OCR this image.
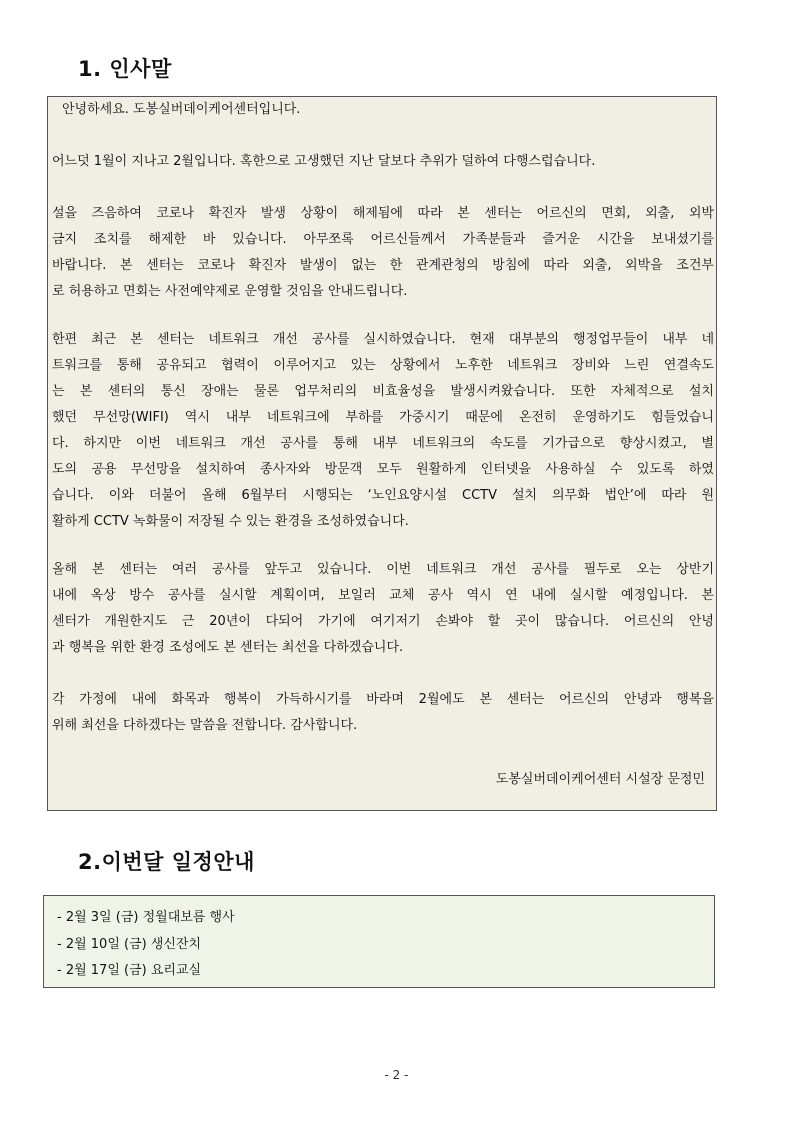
1. 인사말
안녕하세요. 도봉실버데이케어센터입니다.
어느덧 1월이 지나고 2월입니다. 혹한으로 고생했던 지난 달보다 추위가 덜하여 다행스럽습니다.
설을 즈음하여 코로나 확진자 발생 상황이 해제됨에 따라 본 센터는 어르신의 면회, 외출, 외박
금지 조치를 해제한 바 있습니다. 아무쪼록 어르신들께서 가족분들과 즐거운 시간을 보내셨기를
바랍니다. 본 센터는 코로나 확진자 발생이 없는 한 관계관청의 방침에 따라 외출, 외박을 조건부
로 허용하고 면회는 사전예약제로 운영할 것임을 안내드립니다.
한편 최근 본 센터는 네트워크 개선 공사를 실시하였습니다. 현재 대부분의 행정업무들이 내부 네
트워크를 통해 공유되고 협력이 이루어지고 있는 상황에서 노후한 네트워크 장비와 느린 연결속도
는 본 센터의 통신 장애는 물론 업무처리의 비효율성을 발생시켜왔습니다. 또한 자체적으로 설치
했던 무선망(WIFI) 역시 내부 네트워크에 부하를 가중시기 때문에 온전히 운영하기도 힘들었습니
다. 하지만 이번 네트워크 개선 공사를 통해 내부 네트워크의 속도를 기가급으로 향상시켰고, 별
도의 공용 무선망을 설치하여 종사자와 방문객 모두 원활하게 인터넷을 사용하실 수 있도록 하였
습니다. 이와 더불어 올해 6월부터 시행되는 ‘노인요양시설 CCTV 설치 의무화 법안’에 따라 원
활하게 CCTV 녹화물이 저장될 수 있는 환경을 조성하였습니다.
올해 본 센터는 여러 공사를 앞두고 있습니다. 이번 네트워크 개선 공사를 필두로 오는 상반기
내에 옥상 방수 공사를 실시할 계획이며, 보일러 교체 공사 역시 연 내에 실시할 예정입니다. 본
센터가 개원한지도 근 20년이 다되어 가기에 여기저기 손봐야 할 곳이 많습니다. 어르신의 안녕
과 행복을 위한 환경 조성에도 본 센터는 최선을 다하겠습니다.
각 가정에 내에 화목과 행복이 가득하시기를 바라며 2월에도 본 센터는 어르신의 안녕과 행복을
위해 최선을 다하겠다는 말씀을 전합니다. 감사합니다.
도봉실버데이케어센터 시설장 문정민
2.이번달 일정안내
- 2월 3일 (금) 정월대보름 행사
- 2월 10일 (금) 생신잔치
- 2월 17일 (금) 요리교실
- 2 -
